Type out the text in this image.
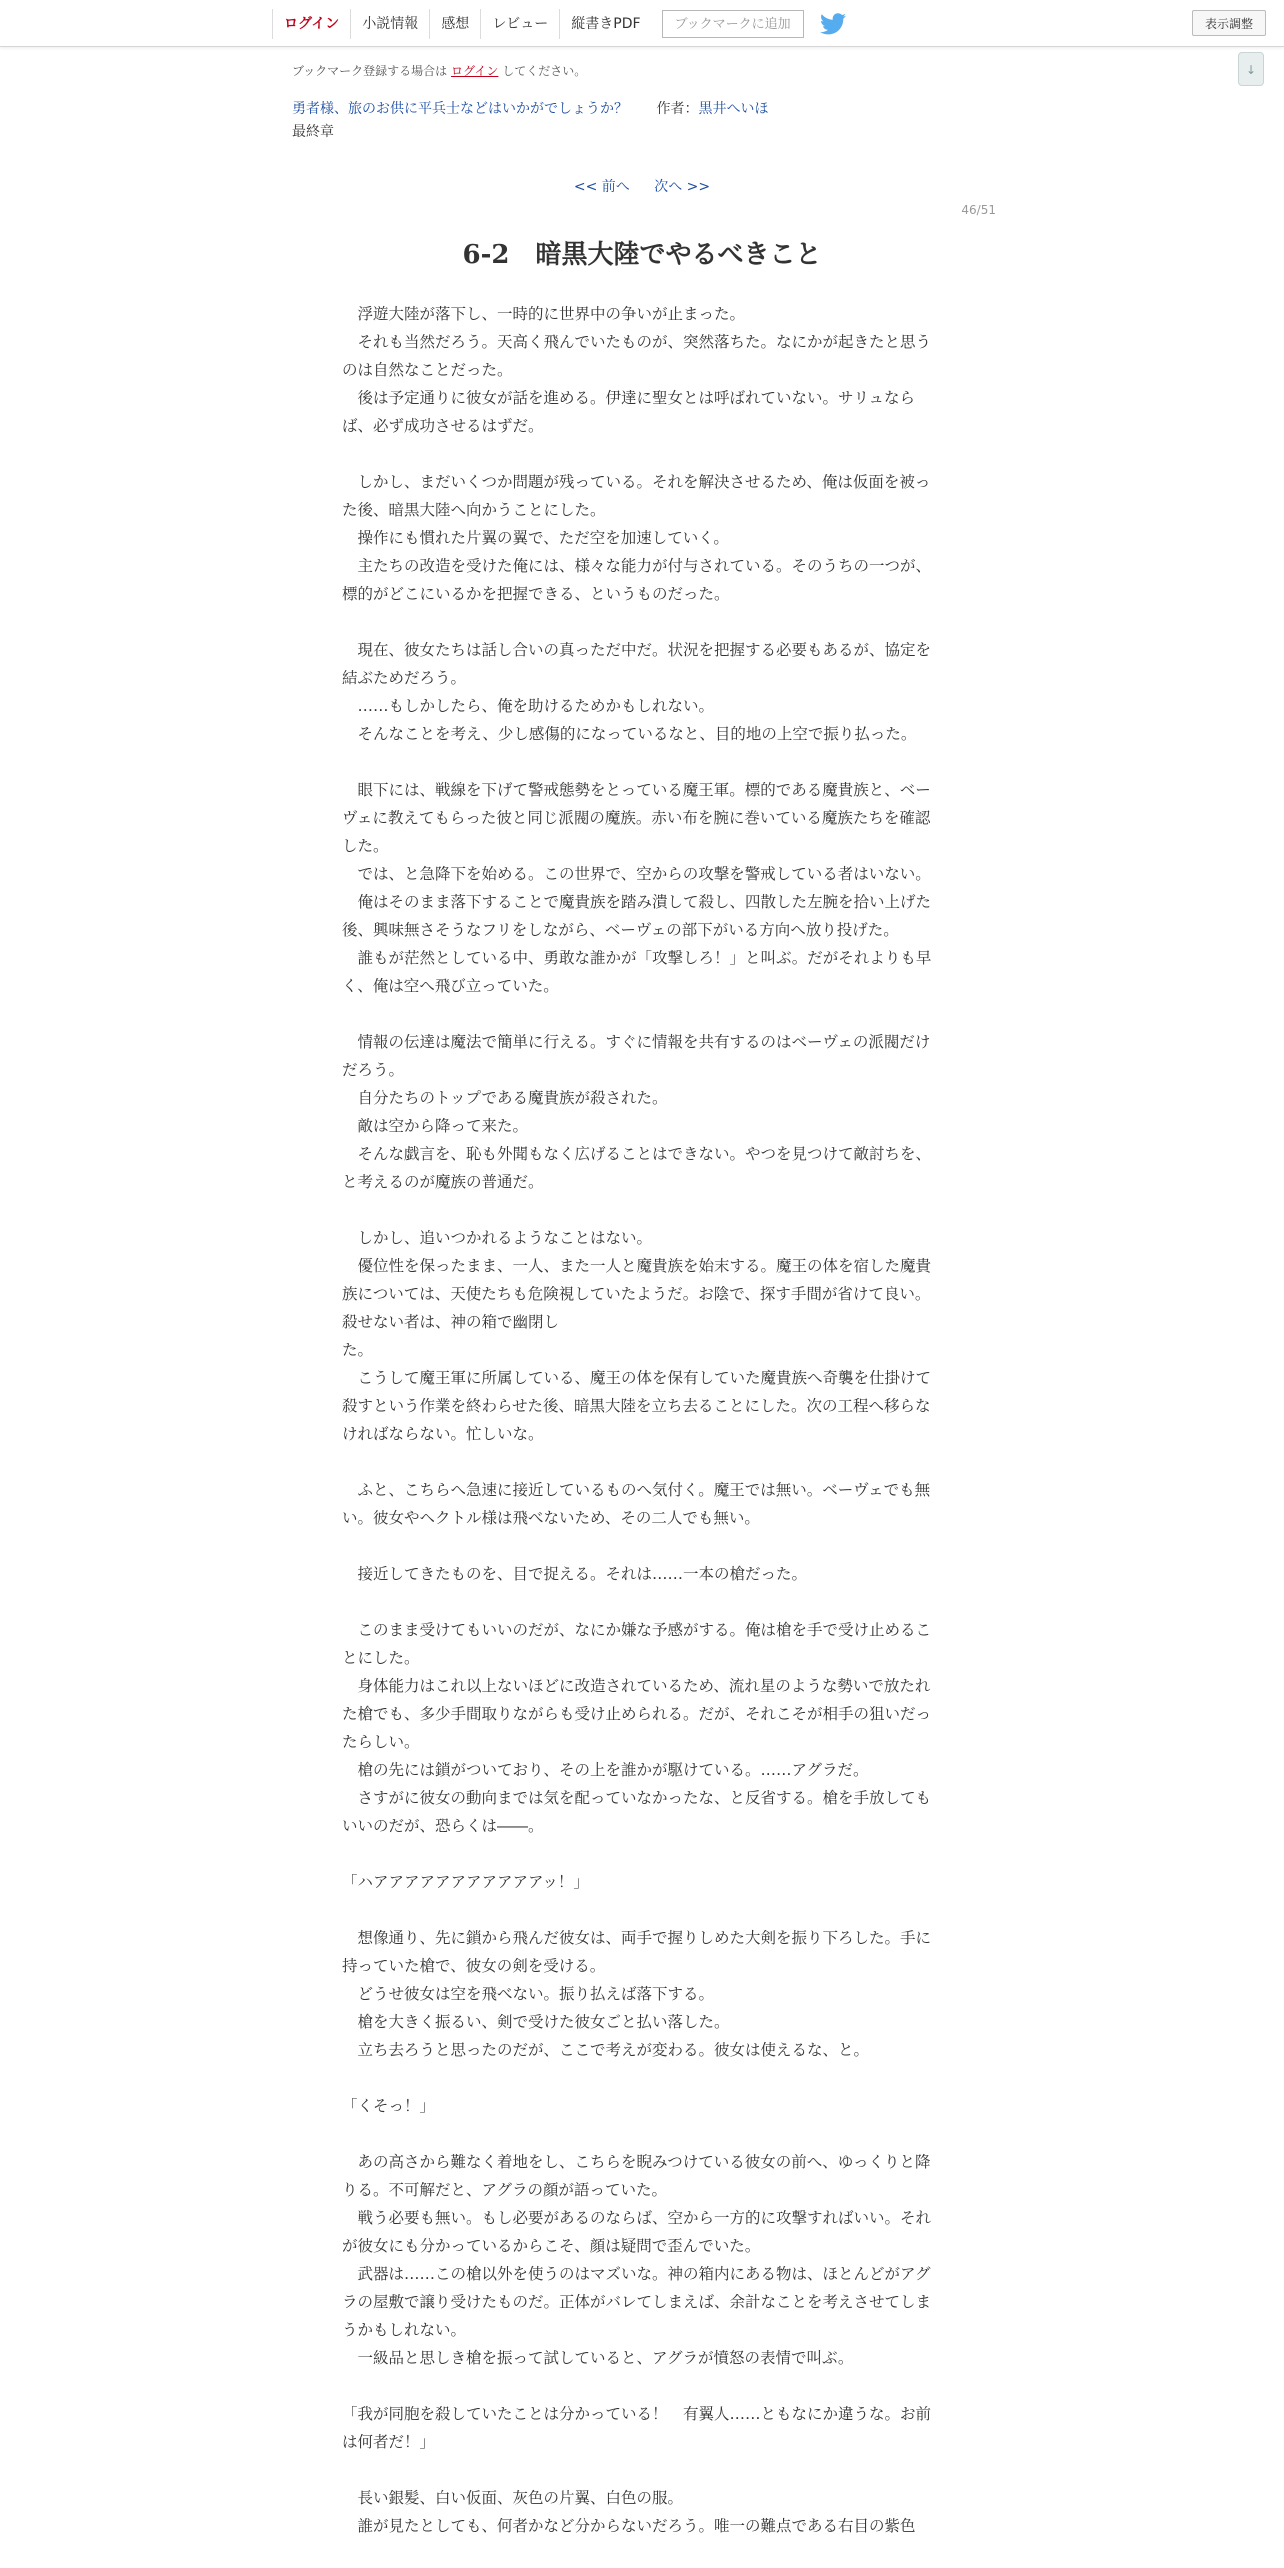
ログイン	小説情報	感想	レビュー	縦書きPDF	ブックマークに追加	表示調整
↓
ブックマーク登録する場合は ログイン してください。
勇者様、旅のお供に平兵士などはいかがでしょうか？ 作者：黒井へいほ
最終章
<< 前へ 次へ >>
46/51
6-2　暗黒大陸でやるべきこと

　浮遊大陸が落下し、一時的に世界中の争いが止まった。

　それも当然だろう。天高く飛んでいたものが、突然落ちた。なにかが起きたと思うのは自然なことだった。

　後は予定通りに彼女が話を進める。伊達に聖女とは呼ばれていない。サリュならば、必ず成功させるはずだ。

　しかし、まだいくつか問題が残っている。それを解決させるため、俺は仮面を被った後、暗黒大陸へ向かうことにした。

　操作にも慣れた片翼の翼で、ただ空を加速していく。

　主たちの改造を受けた俺には、様々な能力が付与されている。そのうちの一つが、標的がどこにいるかを把握できる、というものだった。

　現在、彼女たちは話し合いの真っただ中だ。状況を把握する必要もあるが、協定を結ぶためだろう。

　……もしかしたら、俺を助けるためかもしれない。

　そんなことを考え、少し感傷的になっているなと、目的地の上空で振り払った。

　眼下には、戦線を下げて警戒態勢をとっている魔王軍。標的である魔貴族と、ベーヴェに教えてもらった彼と同じ派閥の魔族。赤い布を腕に巻いている魔族たちを確認した。

　では、と急降下を始める。この世界で、空からの攻撃を警戒している者はいない。

　俺はそのまま落下することで魔貴族を踏み潰して殺し、四散した左腕を拾い上げた後、興味無さそうなフリをしながら、ベーヴェの部下がいる方向へ放り投げた。

　誰もが茫然としている中、勇敢な誰かが「攻撃しろ！」と叫ぶ。だがそれよりも早く、俺は空へ飛び立っていた。

　情報の伝達は魔法で簡単に行える。すぐに情報を共有するのはベーヴェの派閥だけだろう。

　自分たちのトップである魔貴族が殺された。

　敵は空から降って来た。

　そんな戯言を、恥も外聞もなく広げることはできない。やつを見つけて敵討ちを、と考えるのが魔族の普通だ。

　しかし、追いつかれるようなことはない。

　優位性を保ったまま、一人、また一人と魔貴族を始末する。魔王の体を宿した魔貴族については、天使たちも危険視していたようだ。お陰で、探す手間が省けて良い。殺せない者は、神の箱で幽閉し

た。

　こうして魔王軍に所属している、魔王の体を保有していた魔貴族へ奇襲を仕掛けて殺すという作業を終わらせた後、暗黒大陸を立ち去ることにした。次の工程へ移らなければならない。忙しいな。

　ふと、こちらへ急速に接近しているものへ気付く。魔王では無い。ベーヴェでも無い。彼女やヘクトル様は飛べないため、その二人でも無い。

　接近してきたものを、目で捉える。それは……一本の槍だった。

　このまま受けてもいいのだが、なにか嫌な予感がする。俺は槍を手で受け止めることにした。

　身体能力はこれ以上ないほどに改造されているため、流れ星のような勢いで放たれた槍でも、多少手間取りながらも受け止められる。だが、それこそが相手の狙いだったらしい。

　槍の先には鎖がついており、その上を誰かが駆けている。……アグラだ。

　さすがに彼女の動向までは気を配っていなかったな、と反省する。槍を手放してもいいのだが、恐らくは――。

「ハアアアアアアアアアアアッ！」

　想像通り、先に鎖から飛んだ彼女は、両手で握りしめた大剣を振り下ろした。手に持っていた槍で、彼女の剣を受ける。

　どうせ彼女は空を飛べない。振り払えば落下する。

　槍を大きく振るい、剣で受けた彼女ごと払い落した。

　立ち去ろうと思ったのだが、ここで考えが変わる。彼女は使えるな、と。

「くそっ！」

　あの高さから難なく着地をし、こちらを睨みつけている彼女の前へ、ゆっくりと降りる。不可解だと、アグラの顔が語っていた。

　戦う必要も無い。もし必要があるのならば、空から一方的に攻撃すればいい。それが彼女にも分かっているからこそ、顔は疑問で歪んでいた。

　武器は……この槍以外を使うのはマズいな。神の箱内にある物は、ほとんどがアグラの屋敷で譲り受けたものだ。正体がバレてしまえば、余計なことを考えさせてしまうかもしれない。

　一級品と思しき槍を振って試していると、アグラが憤怒の表情で叫ぶ。

「我が同胞を殺していたことは分かっている！　有翼人……ともなにか違うな。お前は何者だ！」

　長い銀髪、白い仮面、灰色の片翼、白色の服。

　誰が見たとしても、何者かなど分からないだろう。唯一の難点である右目の紫色
